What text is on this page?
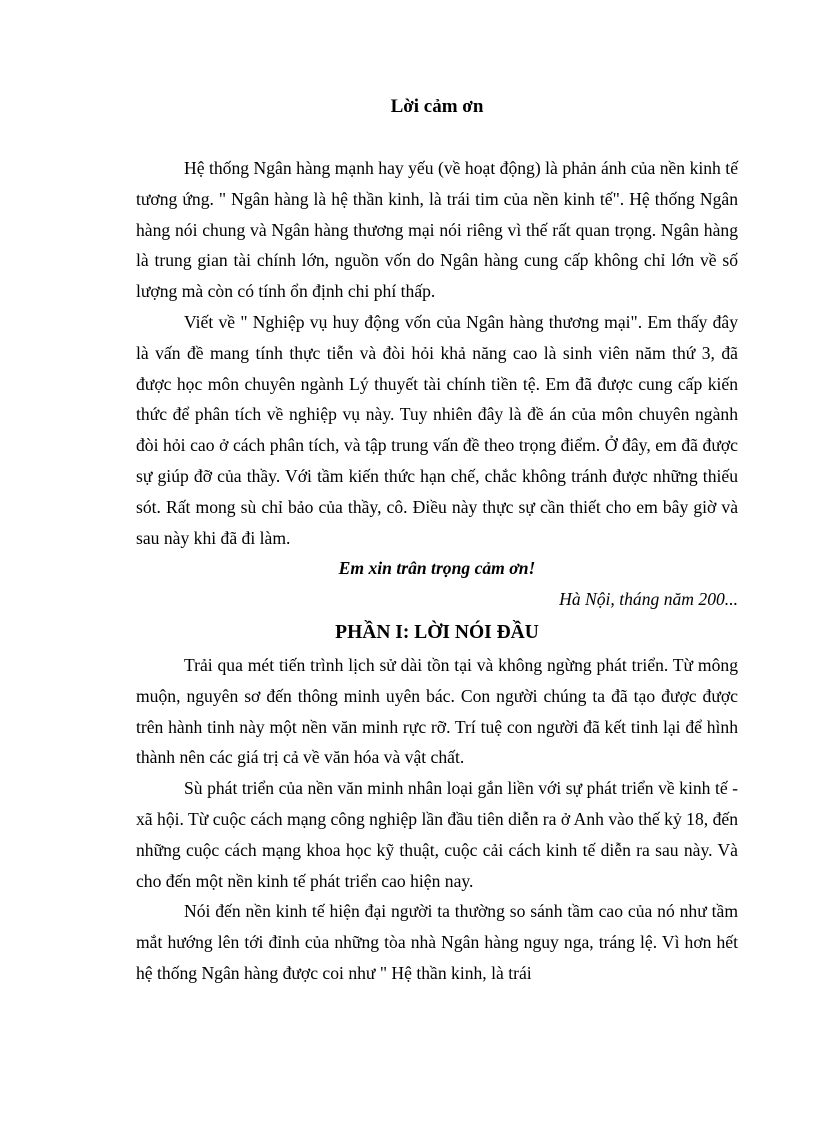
Lời cảm ơn

Hệ thống Ngân hàng mạnh hay yếu (về hoạt động) là phản ánh của nền kinh tế tương ứng. " Ngân hàng là hệ thần kinh, là trái tim của nền kinh tế". Hệ thống Ngân hàng nói chung và Ngân hàng thương mại nói riêng vì thế rất quan trọng. Ngân hàng là trung gian tài chính lớn, nguồn vốn do Ngân hàng cung cấp không chỉ lớn về số lượng mà còn có tính ổn định chi phí thấp.

Viết về " Nghiệp vụ huy động vốn của Ngân hàng thương mại". Em thấy đây là vấn đề mang tính thực tiễn và đòi hỏi khả năng cao là sinh viên năm thứ 3, đã được học môn chuyên ngành Lý thuyết tài chính tiền tệ. Em đã được cung cấp kiến thức để phân tích về nghiệp vụ này. Tuy nhiên đây là đề án của môn chuyên ngành đòi hỏi cao ở cách phân tích, và tập trung vấn đề theo trọng điểm. Ở đây, em đã được sự giúp đỡ của thầy. Với tầm kiến thức hạn chế, chắc không tránh được những thiếu sót. Rất mong sù chỉ bảo của thầy, cô. Điều này thực sự cần thiết cho em bây giờ và sau này khi đã đi làm.

Em xin trân trọng cảm ơn!
Hà Nội, tháng năm 200...
PHẦN I: LỜI NÓI ĐẦU

Trải qua mét tiến trình lịch sử dài tồn tại và không ngừng phát triển. Từ mông muộn, nguyên sơ đến thông minh uyên bác. Con người chúng ta đã tạo được được trên hành tinh này một nền văn minh rực rỡ. Trí tuệ con người đã kết tinh lại để hình thành nên các giá trị cả về văn hóa và vật chất.

Sù phát triển của nền văn minh nhân loại gắn liền với sự phát triển về kinh tế - xã hội. Từ cuộc cách mạng công nghiệp lần đầu tiên diễn ra ở Anh vào thế kỷ 18, đến những cuộc cách mạng khoa học kỹ thuật, cuộc cải cách kinh tế diễn ra sau này. Và cho đến một nền kinh tế phát triển cao hiện nay.

Nói đến nền kinh tế hiện đại người ta thường so sánh tầm cao của nó như tầm mắt hướng lên tới đỉnh của những tòa nhà Ngân hàng nguy nga, tráng lệ. Vì hơn hết hệ thống Ngân hàng được coi như " Hệ thần kinh, là trái
